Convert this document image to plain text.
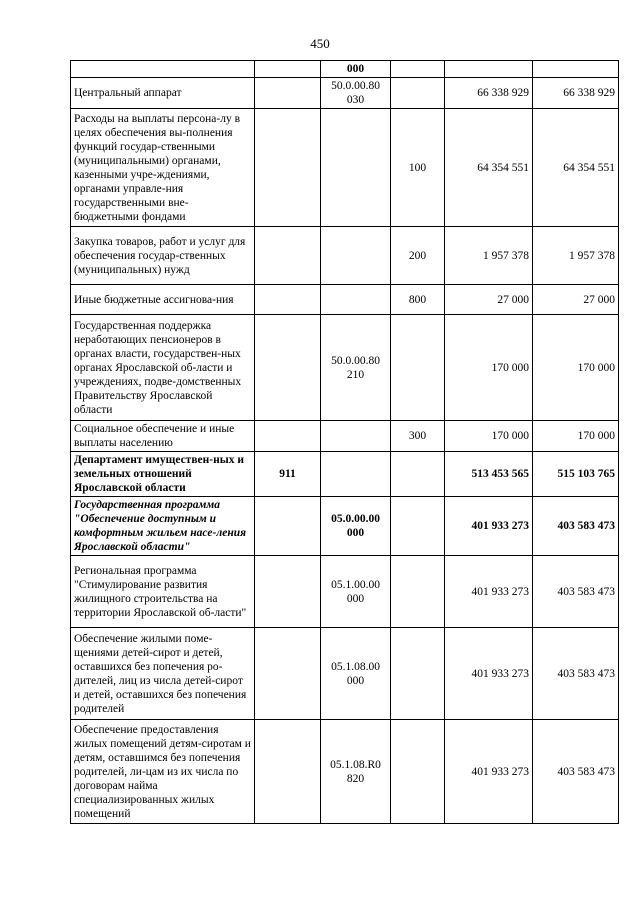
450
		000			
Центральный аппарат		50.0.00.80 030		66 338 929	66 338 929
Расходы на выплаты персона-лу в целях обеспечения вы-полнения функций государ-ственными (муниципальными) органами, казенными учре-ждениями, органами управле-ния государственными вне-бюджетными фондами			100	64 354 551	64 354 551
Закупка товаров, работ и услуг для обеспечения государ-ственных (муниципальных) нужд			200	1 957 378	1 957 378
Иные бюджетные ассигнова-ния			800	27 000	27 000
Государственная поддержка неработающих пенсионеров в органах власти, государствен-ных органах Ярославской об-ласти и учреждениях, подве-домственных Правительству Ярославской области		50.0.00.80 210		170 000	170 000
Социальное обеспечение и иные выплаты населению			300	170 000	170 000
Департамент имуществен-ных и земельных отношений Ярославской области	911			513 453 565	515 103 765
Государственная программа "Обеспечение доступным и комфортным жильем насе-ления Ярославской области"		05.0.00.00 000		401 933 273	403 583 473
Региональная программа "Стимулирование развития жилищного строительства на территории Ярославской об-ласти"		05.1.00.00 000		401 933 273	403 583 473
Обеспечение жилыми поме-щениями детей-сирот и детей, оставшихся без попечения ро-дителей, лиц из числа детей-сирот и детей, оставшихся без попечения родителей		05.1.08.00 000		401 933 273	403 583 473
Обеспечение предоставления жилых помещений детям-сиротам и детям, оставшимся без попечения родителей, ли-цам из их числа по договорам найма специализированных жилых помещений		05.1.08.R0 820		401 933 273	403 583 473
